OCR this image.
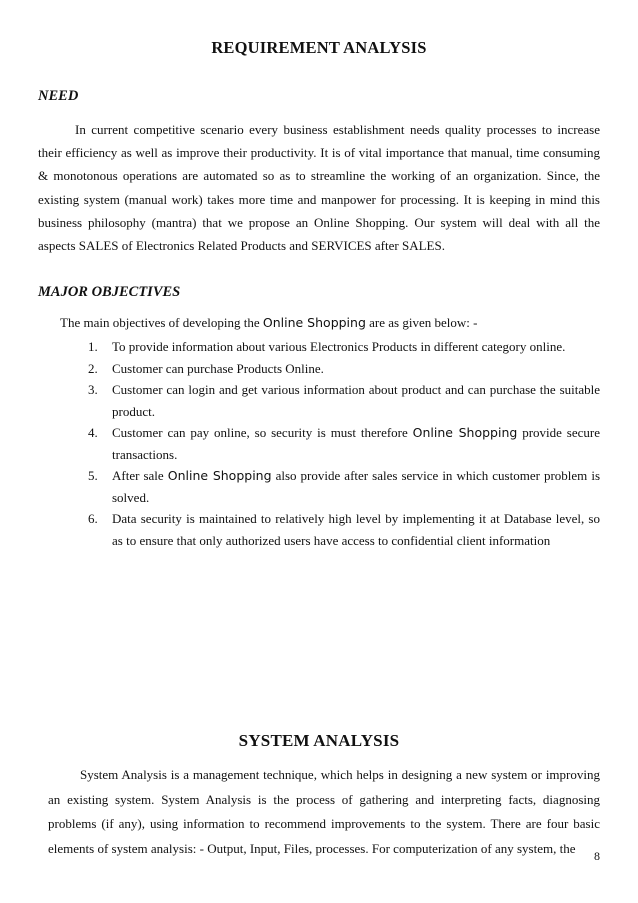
REQUIREMENT ANALYSIS
NEED

In current competitive scenario every business establishment needs quality processes to increase their efficiency as well as improve their productivity. It is of vital importance that manual, time consuming & monotonous operations are automated so as to streamline the working of an organization. Since, the existing system (manual work) takes more time and manpower for processing. It is keeping in mind this business philosophy (mantra) that we propose an Online Shopping. Our system will deal with all the aspects SALES of Electronics Related Products and SERVICES after SALES.

MAJOR OBJECTIVES

The main objectives of developing the Online Shopping are as given below: -

1. To provide information about various Electronics Products in different category online.
2. Customer can purchase Products Online.
3. Customer can login and get various information about product and can purchase the suitable product.
4. Customer can pay online, so security is must therefore Online Shopping provide secure transactions.
5. After sale Online Shopping also provide after sales service in which customer problem is solved.
6. Data security is maintained to relatively high level by implementing it at Database level, so as to ensure that only authorized users have access to confidential client information
SYSTEM ANALYSIS

System Analysis is a management technique, which helps in designing a new system or improving an existing system. System Analysis is the process of gathering and interpreting facts, diagnosing problems (if any), using information to recommend improvements to the system. There are four basic elements of system analysis: - Output, Input, Files, processes. For computerization of any system, the

8
